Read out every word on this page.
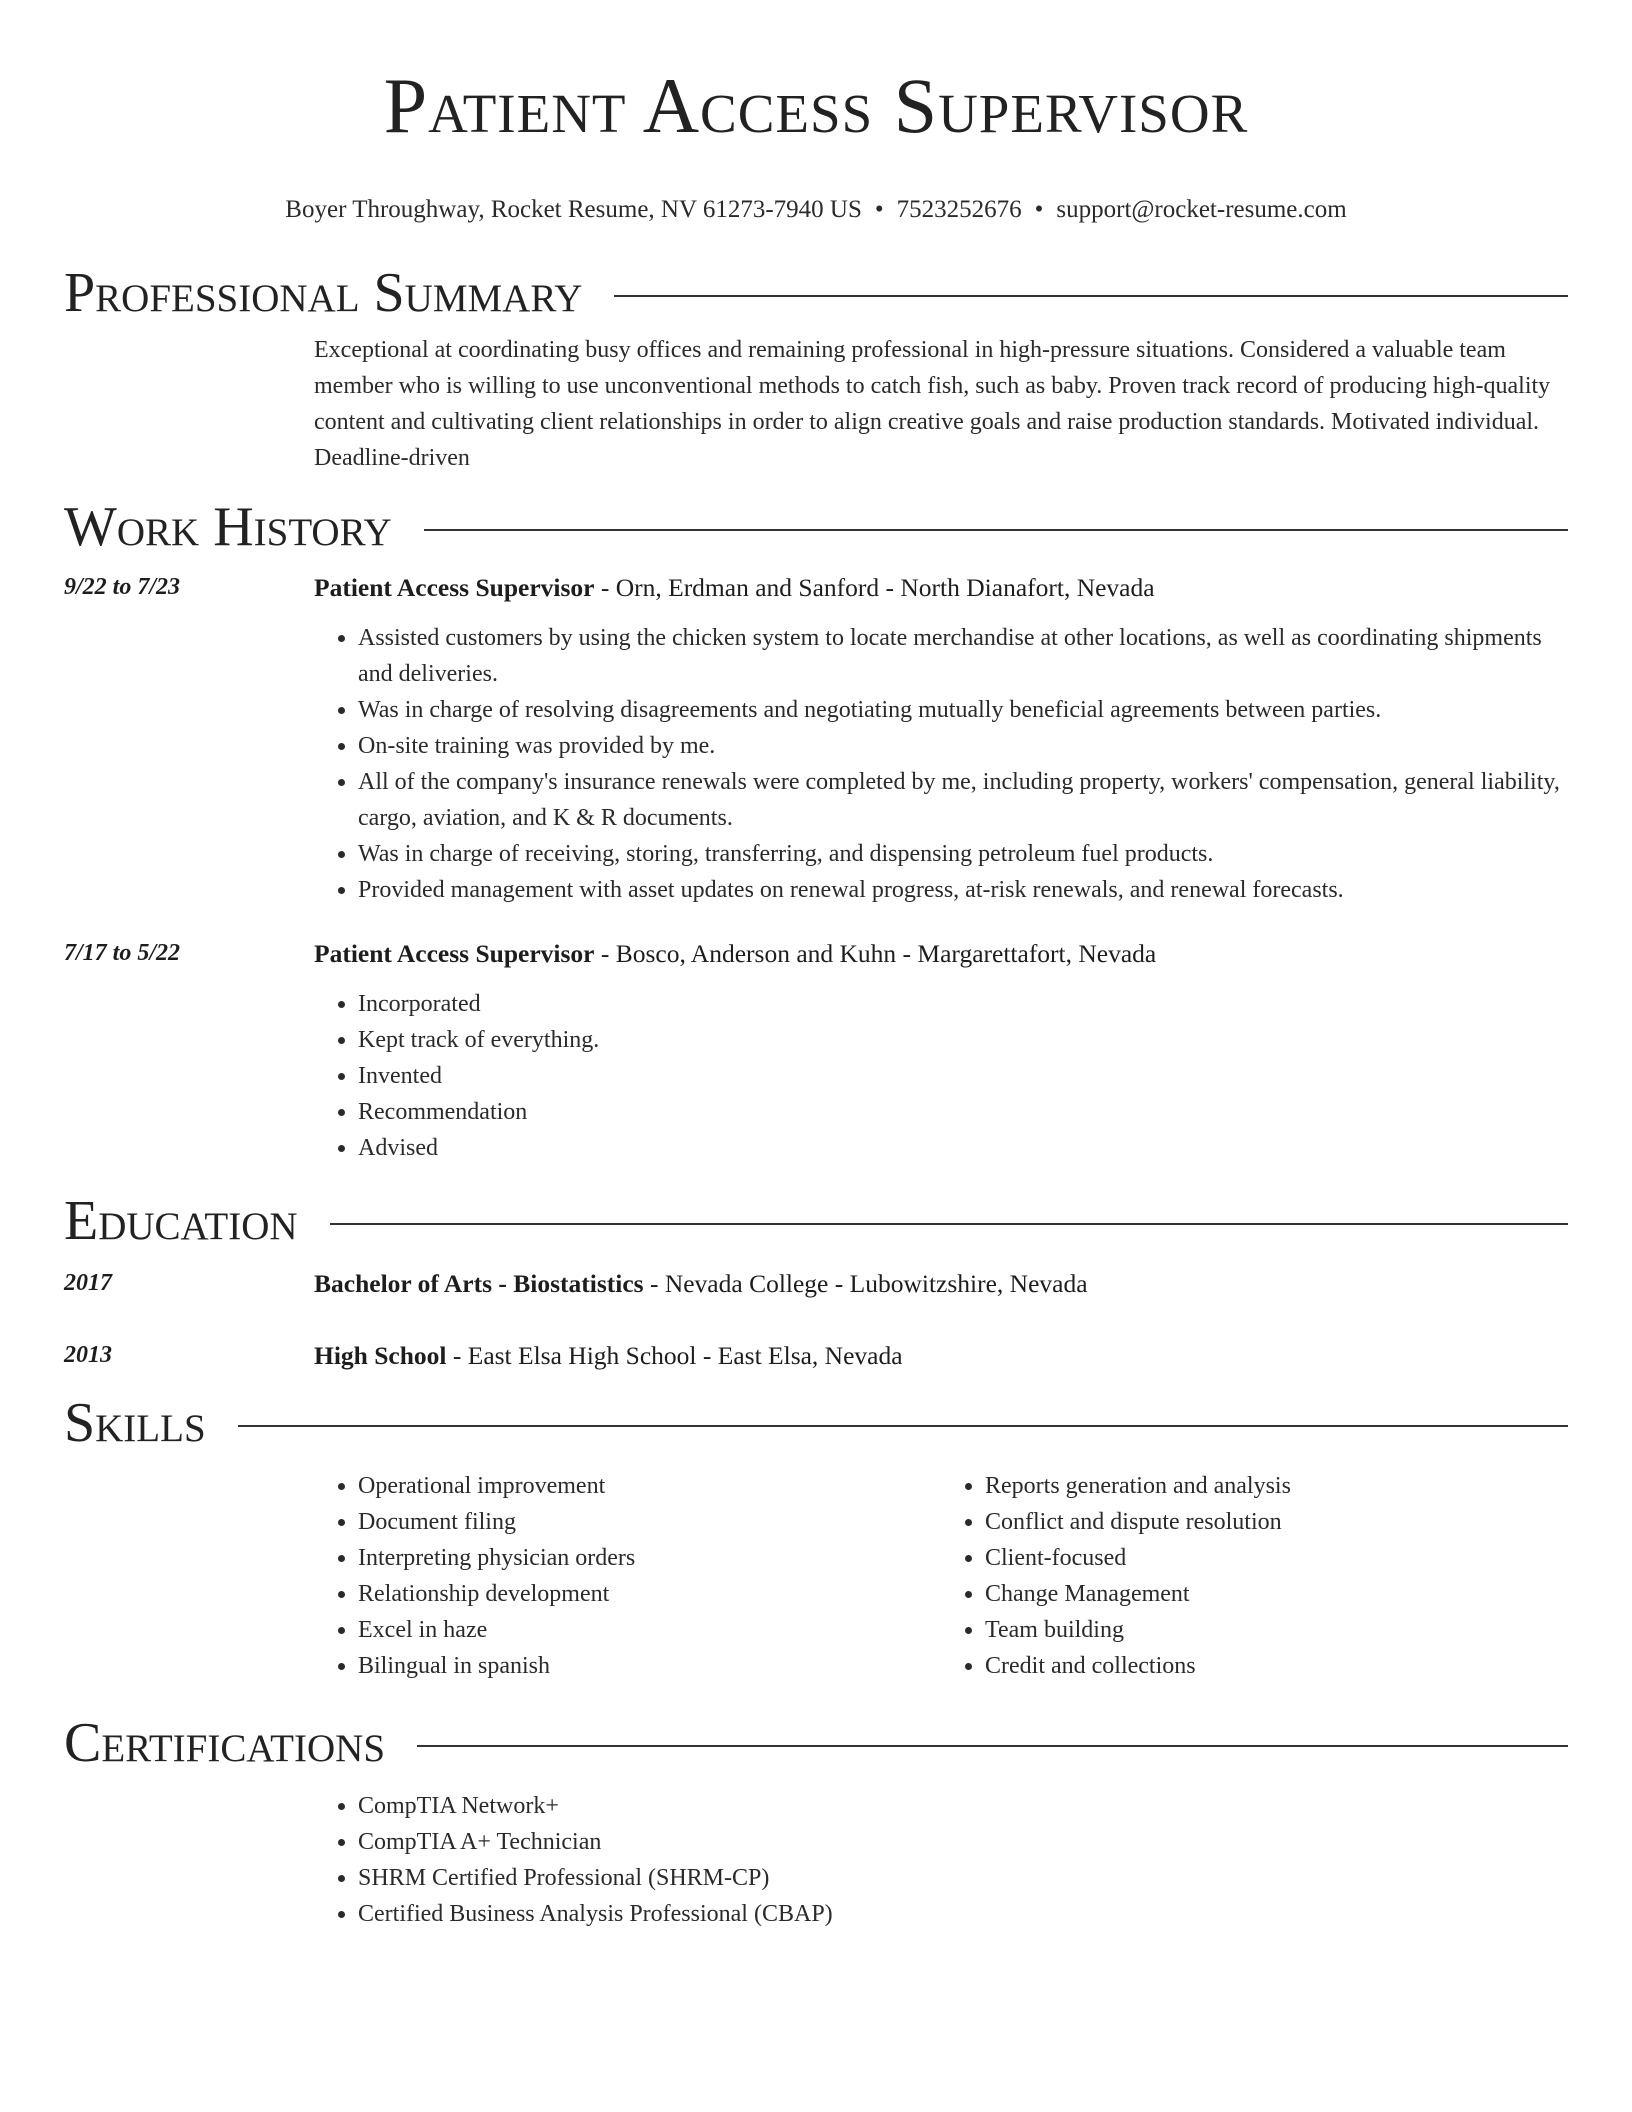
Patient Access Supervisor
Boyer Throughway, Rocket Resume, NV 61273-7940 US • 7523252676 • support@rocket-resume.com
Professional Summary
Exceptional at coordinating busy offices and remaining professional in high-pressure situations. Considered a valuable team member who is willing to use unconventional methods to catch fish, such as baby. Proven track record of producing high-quality content and cultivating client relationships in order to align creative goals and raise production standards. Motivated individual. Deadline-driven
Work History
9/22 to 7/23	Patient Access Supervisor - Orn, Erdman and Sanford - North Dianafort, Nevada
• Assisted customers by using the chicken system to locate merchandise at other locations, as well as coordinating shipments and deliveries.
• Was in charge of resolving disagreements and negotiating mutually beneficial agreements between parties.
• On-site training was provided by me.
• All of the company's insurance renewals were completed by me, including property, workers' compensation, general liability, cargo, aviation, and K & R documents.
• Was in charge of receiving, storing, transferring, and dispensing petroleum fuel products.
• Provided management with asset updates on renewal progress, at-risk renewals, and renewal forecasts.
7/17 to 5/22	Patient Access Supervisor - Bosco, Anderson and Kuhn - Margarettafort, Nevada
• Incorporated
• Kept track of everything.
• Invented
• Recommendation
• Advised
Education
2017	Bachelor of Arts - Biostatistics - Nevada College - Lubowitzshire, Nevada
2013	High School - East Elsa High School - East Elsa, Nevada
Skills
• Operational improvement
• Document filing
• Interpreting physician orders
• Relationship development
• Excel in haze
• Bilingual in spanish
• Reports generation and analysis
• Conflict and dispute resolution
• Client-focused
• Change Management
• Team building
• Credit and collections
Certifications
• CompTIA Network+
• CompTIA A+ Technician
• SHRM Certified Professional (SHRM-CP)
• Certified Business Analysis Professional (CBAP)
